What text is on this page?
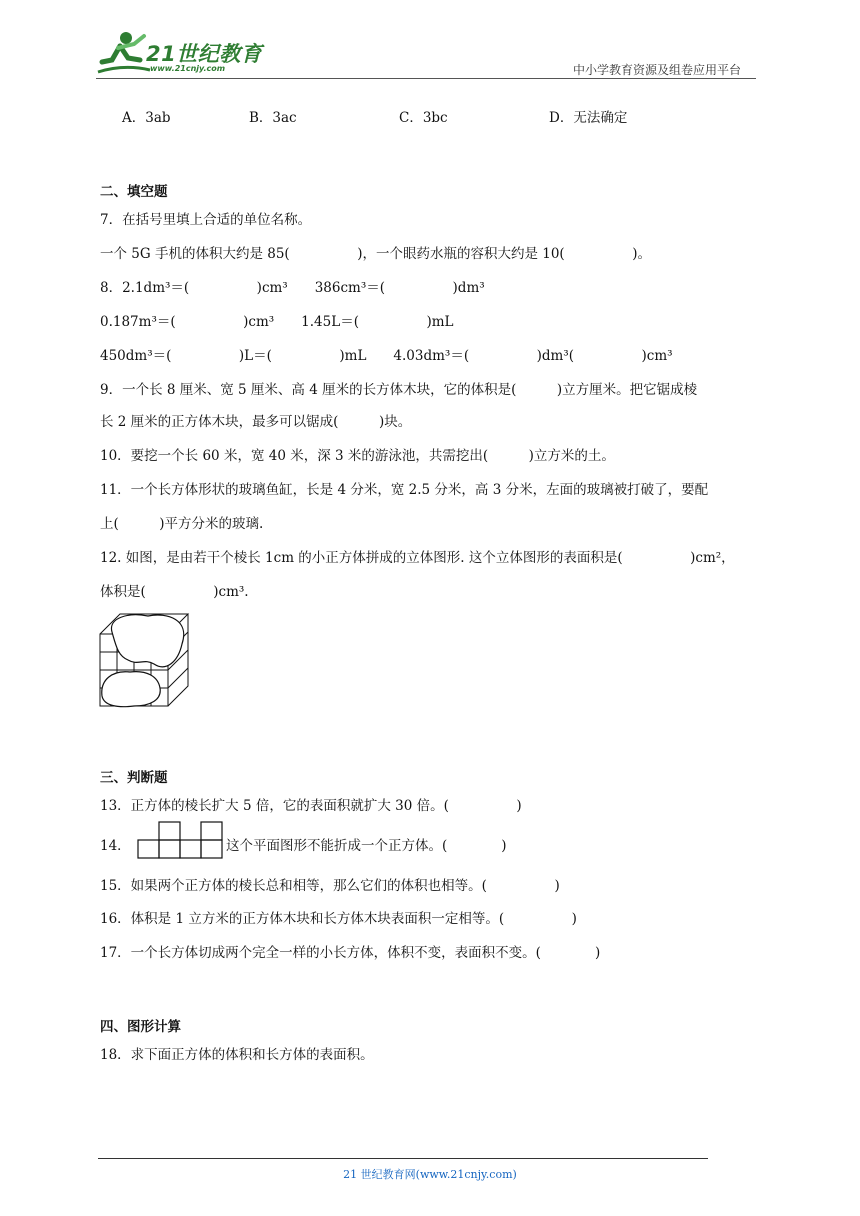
21世纪教育
www.21cnjy.com	中小学教育资源及组卷应用平台
A．3ab	B．3ac	C．3bc	D．无法确定
二、填空题
7．在括号里填上合适的单位名称。
一个 5G 手机的体积大约是 85(　　　　　)，一个眼药水瓶的容积大约是 10(　　　　　)。
8．2.1dm³＝(　　　　　)cm³　　386cm³＝(　　　　　)dm³
0.187m³＝(　　　　　)cm³　　1.45L＝(　　　　　)mL
450dm³＝(　　　　　)L＝(　　　　　)mL　　4.03dm³＝(　　　　　)dm³(　　　　　)cm³
9．一个长 8 厘米、宽 5 厘米、高 4 厘米的长方体木块，它的体积是(　　　)立方厘米。把它锯成棱
长 2 厘米的正方体木块，最多可以锯成(　　　)块。
10．要挖一个长 60 米，宽 40 米，深 3 米的游泳池，共需挖出(　　　)立方米的土。
11．一个长方体形状的玻璃鱼缸，长是 4 分米，宽 2.5 分米，高 3 分米，左面的玻璃被打破了，要配
上(　　　)平方分米的玻璃.
12. 如图，是由若干个棱长 1cm 的小正方体拼成的立体图形. 这个立体图形的表面积是(　　　　　)cm²，
体积是(　　　　　)cm³.
三、判断题
13．正方体的棱长扩大 5 倍，它的表面积就扩大 30 倍。(　　　　　)
14．	这个平面图形不能折成一个正方体。(　　　　)
15．如果两个正方体的棱长总和相等，那么它们的体积也相等。(　　　　　)
16．体积是 1 立方米的正方体木块和长方体木块表面积一定相等。(　　　　　)
17．一个长方体切成两个完全一样的小长方体，体积不变，表面积不变。(　　　　)
四、图形计算
18．求下面正方体的体积和长方体的表面积。
21 世纪教育网(www.21cnjy.com)
